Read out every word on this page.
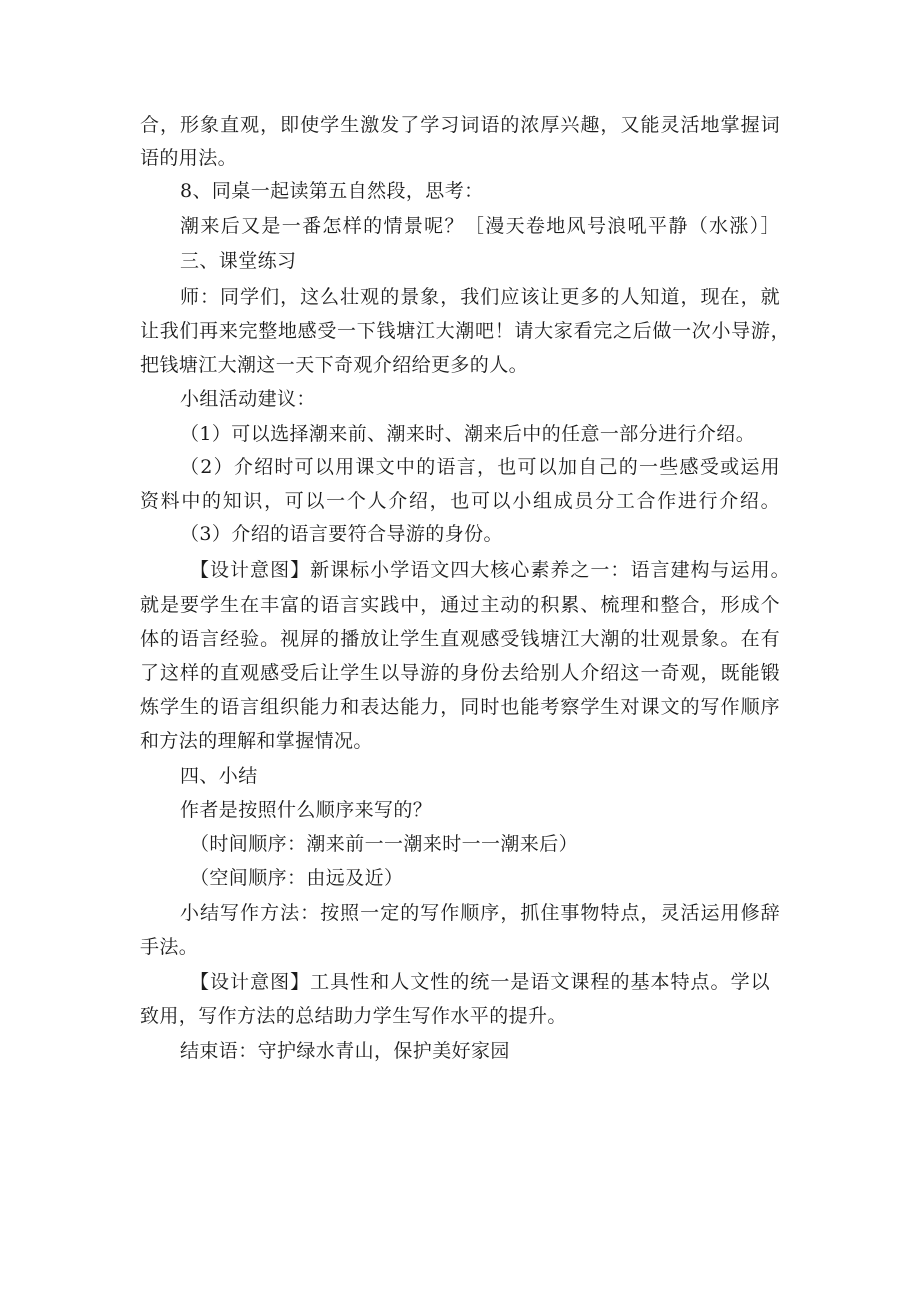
合，形象直观，即使学生激发了学习词语的浓厚兴趣，又能灵活地掌握词
语的用法。
8、同桌一起读第五自然段，思考：
潮来后又是一番怎样的情景呢？［漫天卷地风号浪吼平静（水涨）］
三、课堂练习
师：同学们，这么壮观的景象，我们应该让更多的人知道，现在，就
让我们再来完整地感受一下钱塘江大潮吧！请大家看完之后做一次小导游，
把钱塘江大潮这一天下奇观介绍给更多的人。
小组活动建议：
（1）可以选择潮来前、潮来时、潮来后中的任意一部分进行介绍。
（2）介绍时可以用课文中的语言，也可以加自己的一些感受或运用
资料中的知识，可以一个人介绍，也可以小组成员分工合作进行介绍。
（3）介绍的语言要符合导游的身份。
【设计意图】新课标小学语文四大核心素养之一：语言建构与运用。
就是要学生在丰富的语言实践中，通过主动的积累、梳理和整合，形成个
体的语言经验。视屏的播放让学生直观感受钱塘江大潮的壮观景象。在有
了这样的直观感受后让学生以导游的身份去给别人介绍这一奇观，既能锻
炼学生的语言组织能力和表达能力，同时也能考察学生对课文的写作顺序
和方法的理解和掌握情况。
四、小结
作者是按照什么顺序来写的？
（时间顺序：潮来前一一潮来时一一潮来后）
（空间顺序：由远及近）
小结写作方法：按照一定的写作顺序，抓住事物特点，灵活运用修辞
手法。
【设计意图】工具性和人文性的统一是语文课程的基本特点。学以
致用，写作方法的总结助力学生写作水平的提升。
结束语：守护绿水青山，保护美好家园
